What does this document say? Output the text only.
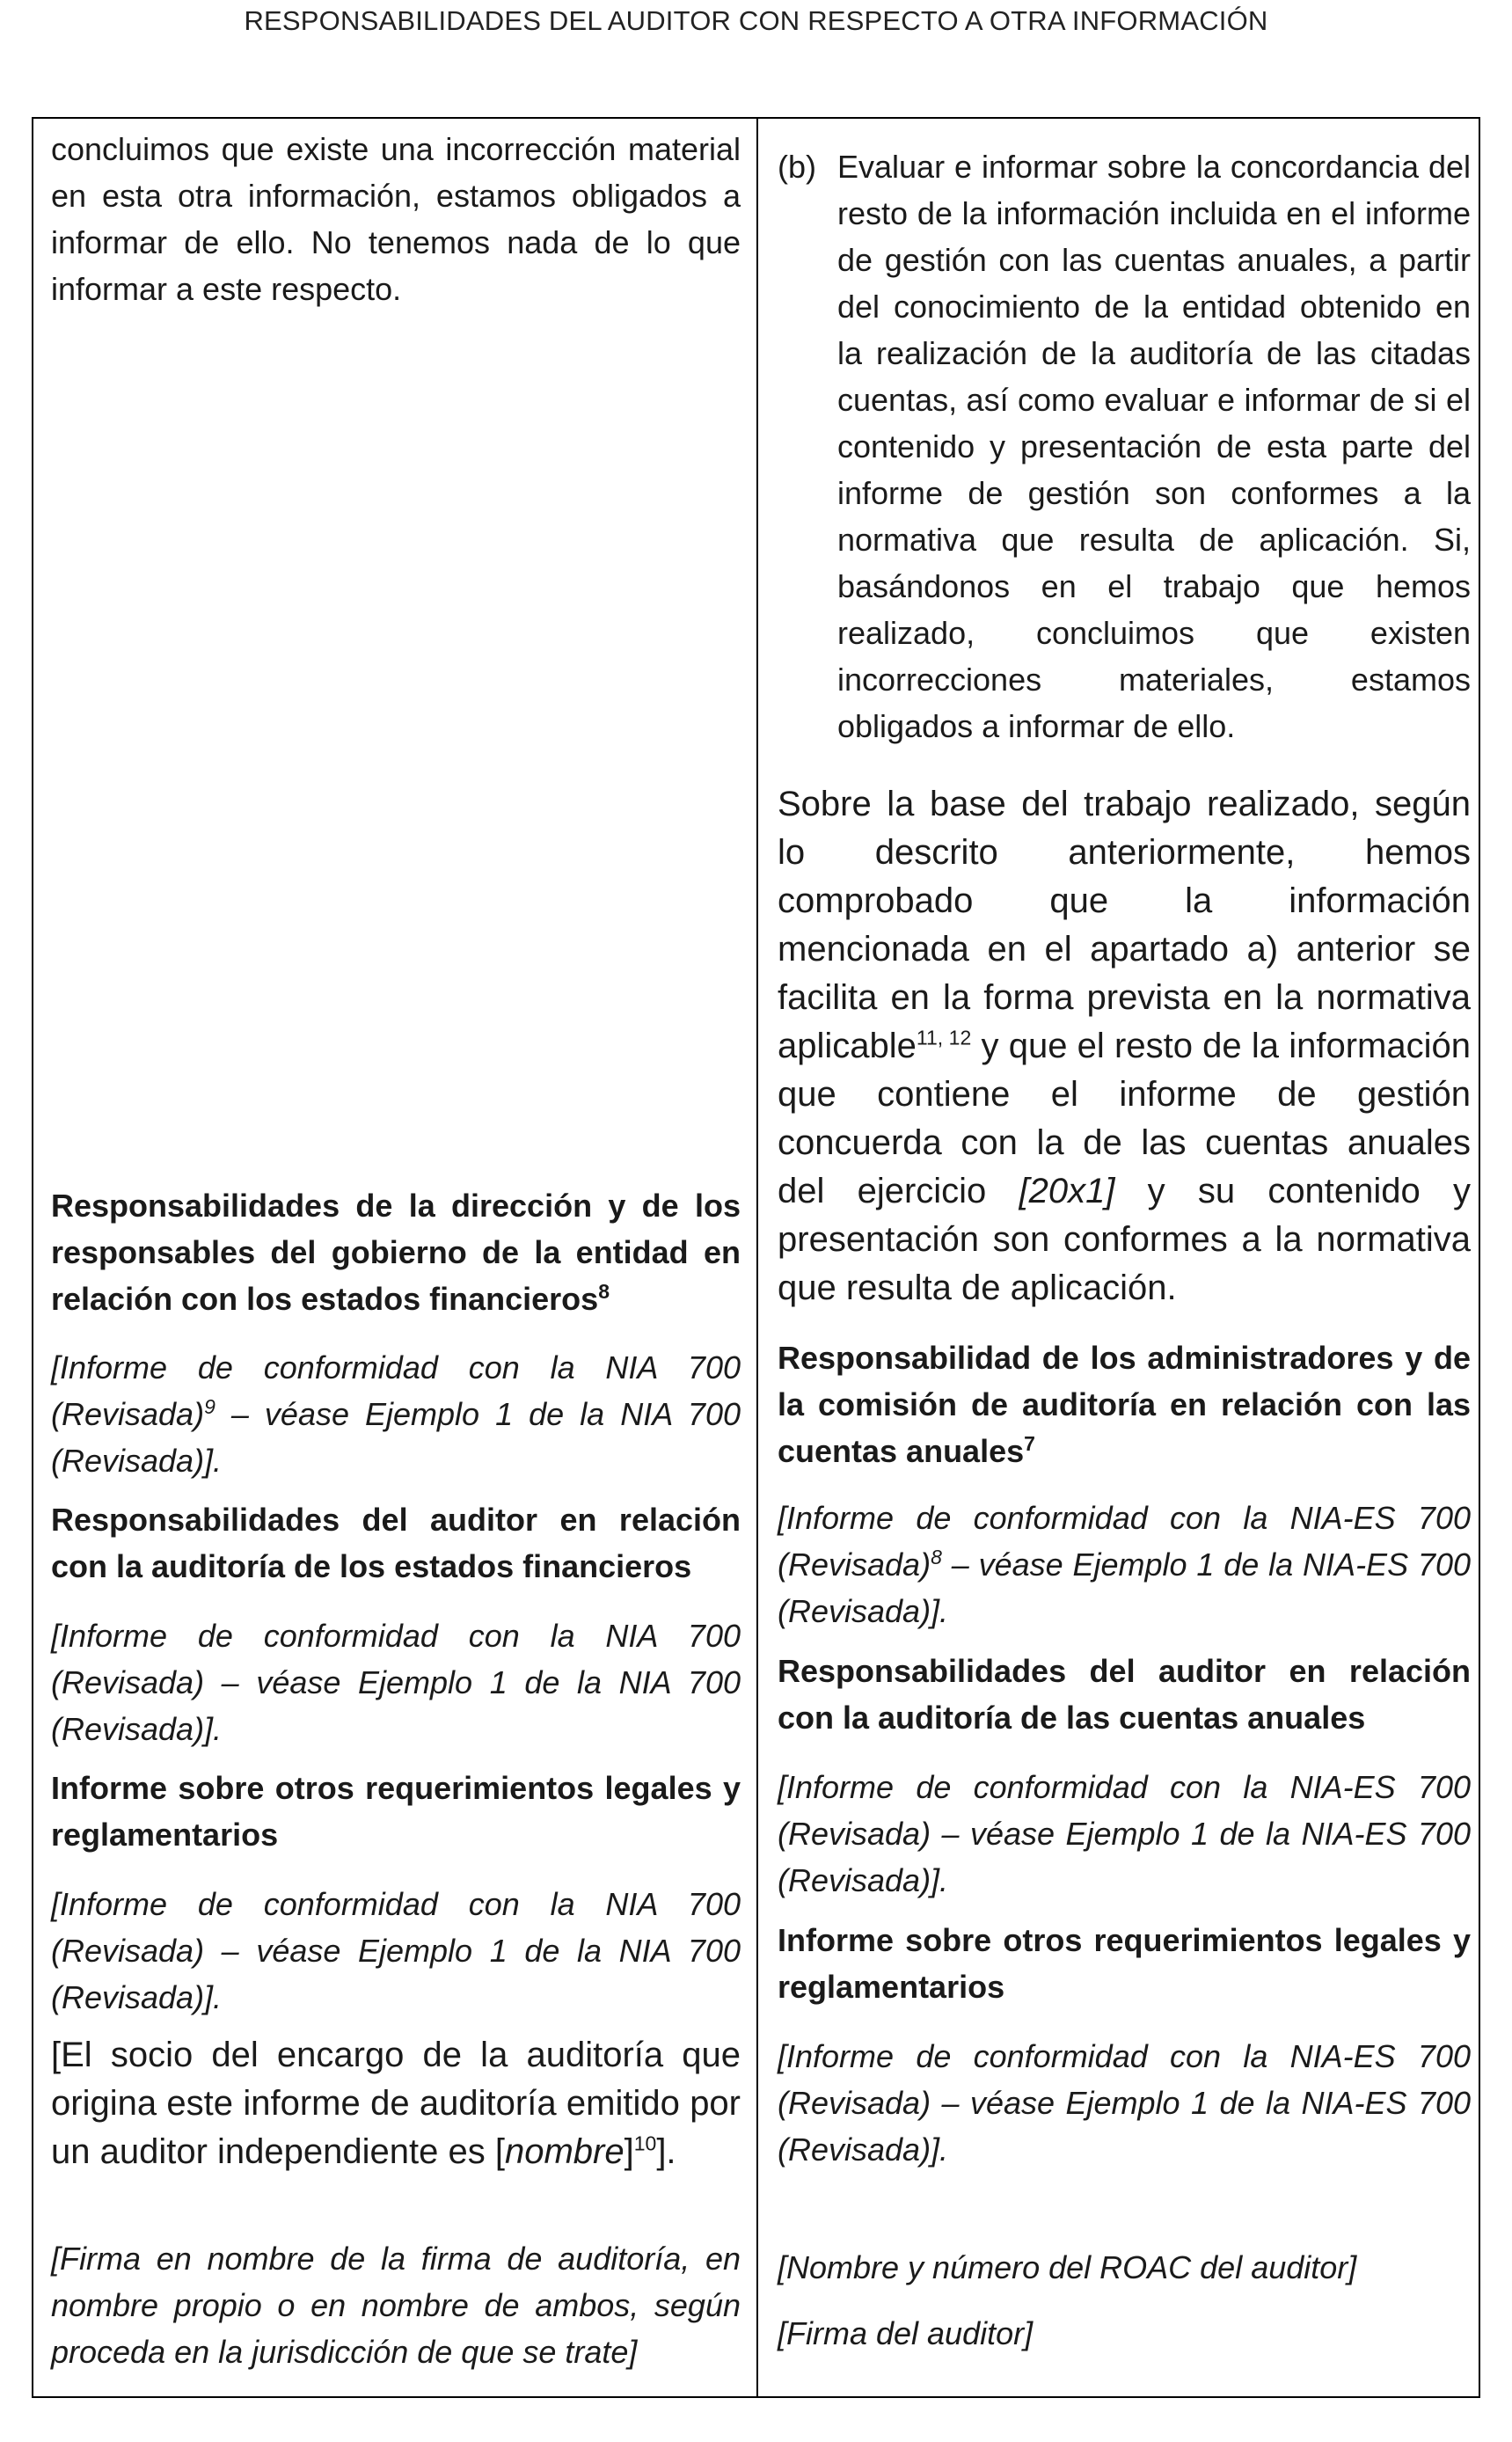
RESPONSABILIDADES DEL AUDITOR CON RESPECTO A OTRA INFORMACIÓN
concluimos que existe una incorrección material en esta otra información, estamos obligados a informar de ello. No tenemos nada de lo que informar a este respecto.
Responsabilidades de la dirección y de los responsables del gobierno de la entidad en relación con los estados financieros$^8$
[Informe de conformidad con la NIA 700 (Revisada)$^9$ – véase Ejemplo 1 de la NIA 700 (Revisada)].
Responsabilidades del auditor en relación con la auditoría de los estados financieros
[Informe de conformidad con la NIA 700 (Revisada) – véase Ejemplo 1 de la NIA 700 (Revisada)].
Informe sobre otros requerimientos legales y reglamentarios
[Informe de conformidad con la NIA 700 (Revisada) – véase Ejemplo 1 de la NIA 700 (Revisada)].
[El socio del encargo de la auditoría que origina este informe de auditoría emitido por un auditor independiente es [nombre]$^{10}$].
[Firma en nombre de la firma de auditoría, en nombre propio o en nombre de ambos, según proceda en la jurisdicción de que se trate]
(b) Evaluar e informar sobre la concordancia del resto de la información incluida en el informe de gestión con las cuentas anuales, a partir del conocimiento de la entidad obtenido en la realización de la auditoría de las citadas cuentas, así como evaluar e informar de si el contenido y presentación de esta parte del informe de gestión son conformes a la normativa que resulta de aplicación. Si, basándonos en el trabajo que hemos realizado, concluimos que existen incorrecciones materiales, estamos obligados a informar de ello.
Sobre la base del trabajo realizado, según lo descrito anteriormente, hemos comprobado que la información mencionada en el apartado a) anterior se facilita en la forma prevista en la normativa aplicable$^{11, 12}$ y que el resto de la información que contiene el informe de gestión concuerda con la de las cuentas anuales del ejercicio [20x1] y su contenido y presentación son conformes a la normativa que resulta de aplicación.
Responsabilidad de los administradores y de la comisión de auditoría en relación con las cuentas anuales$^7$
[Informe de conformidad con la NIA-ES 700 (Revisada)$^8$ – véase Ejemplo 1 de la NIA-ES 700 (Revisada)].
Responsabilidades del auditor en relación con la auditoría de las cuentas anuales
[Informe de conformidad con la NIA-ES 700 (Revisada) – véase Ejemplo 1 de la NIA-ES 700 (Revisada)].
Informe sobre otros requerimientos legales y reglamentarios
[Informe de conformidad con la NIA-ES 700 (Revisada) – véase Ejemplo 1 de la NIA-ES 700 (Revisada)].
[Nombre y número del ROAC del auditor]
[Firma del auditor]
